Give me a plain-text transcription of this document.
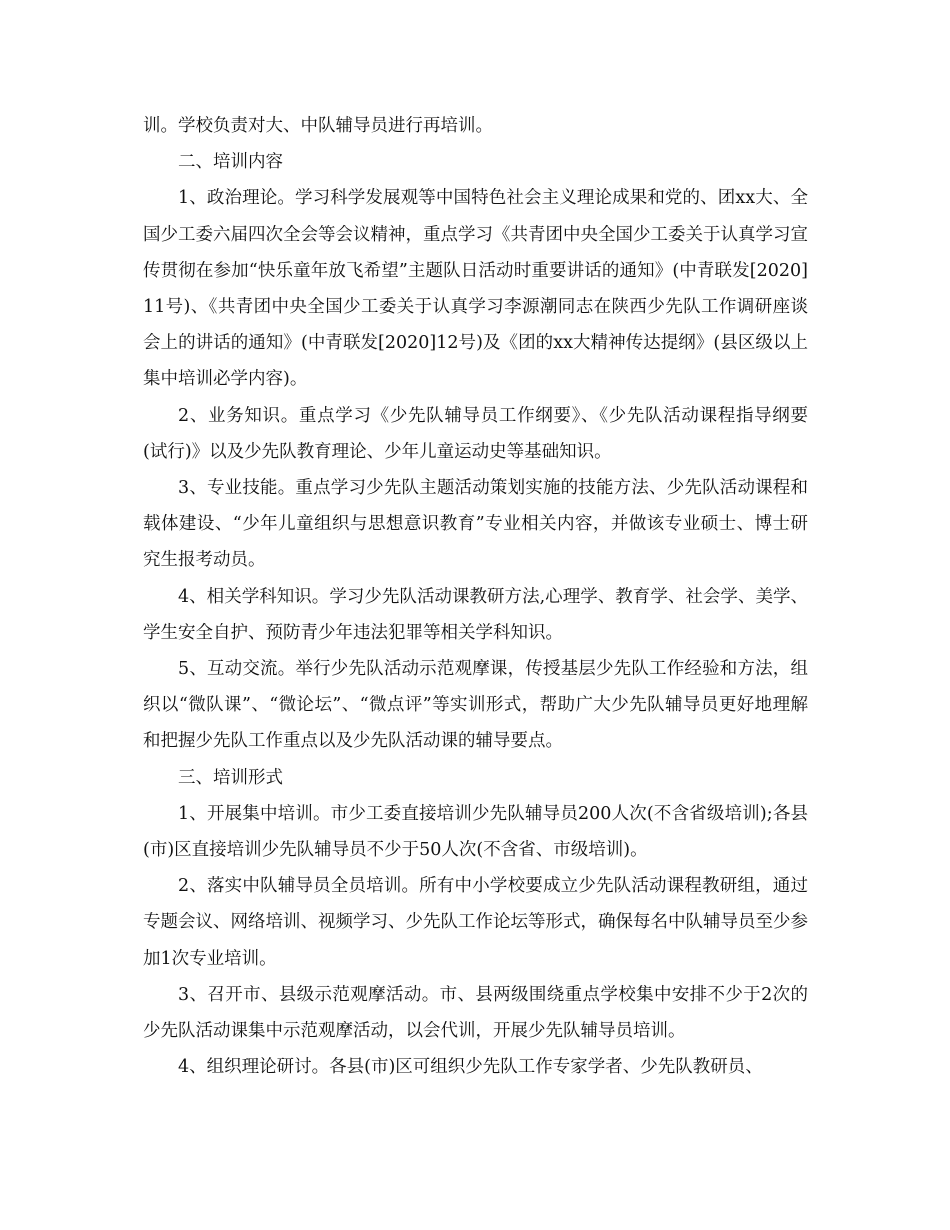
训。学校负责对大、中队辅导员进行再培训。

二、培训内容

1、政治理论。学习科学发展观等中国特色社会主义理论成果和党的、团xx大、全国少工委六届四次全会等会议精神，重点学习《共青团中央全国少工委关于认真学习宣传贯彻在参加“快乐童年放飞希望”主题队日活动时重要讲话的通知》(中青联发[2020]11号)、《共青团中央全国少工委关于认真学习李源潮同志在陕西少先队工作调研座谈会上的讲话的通知》(中青联发[2020]12号)及《团的xx大精神传达提纲》(县区级以上集中培训必学内容)。

2、业务知识。重点学习《少先队辅导员工作纲要》、《少先队活动课程指导纲要(试行)》以及少先队教育理论、少年儿童运动史等基础知识。

3、专业技能。重点学习少先队主题活动策划实施的技能方法、少先队活动课程和载体建设、“少年儿童组织与思想意识教育”专业相关内容，并做该专业硕士、博士研究生报考动员。

4、相关学科知识。学习少先队活动课教研方法,心理学、教育学、社会学、美学、学生安全自护、预防青少年违法犯罪等相关学科知识。

5、互动交流。举行少先队活动示范观摩课，传授基层少先队工作经验和方法，组织以“微队课”、“微论坛”、“微点评”等实训形式，帮助广大少先队辅导员更好地理解和把握少先队工作重点以及少先队活动课的辅导要点。

三、培训形式

1、开展集中培训。市少工委直接培训少先队辅导员200人次(不含省级培训);各县(市)区直接培训少先队辅导员不少于50人次(不含省、市级培训)。

2、落实中队辅导员全员培训。所有中小学校要成立少先队活动课程教研组，通过专题会议、网络培训、视频学习、少先队工作论坛等形式，确保每名中队辅导员至少参加1次专业培训。

3、召开市、县级示范观摩活动。市、县两级围绕重点学校集中安排不少于2次的少先队活动课集中示范观摩活动，以会代训，开展少先队辅导员培训。

4、组织理论研讨。各县(市)区可组织少先队工作专家学者、少先队教研员、
